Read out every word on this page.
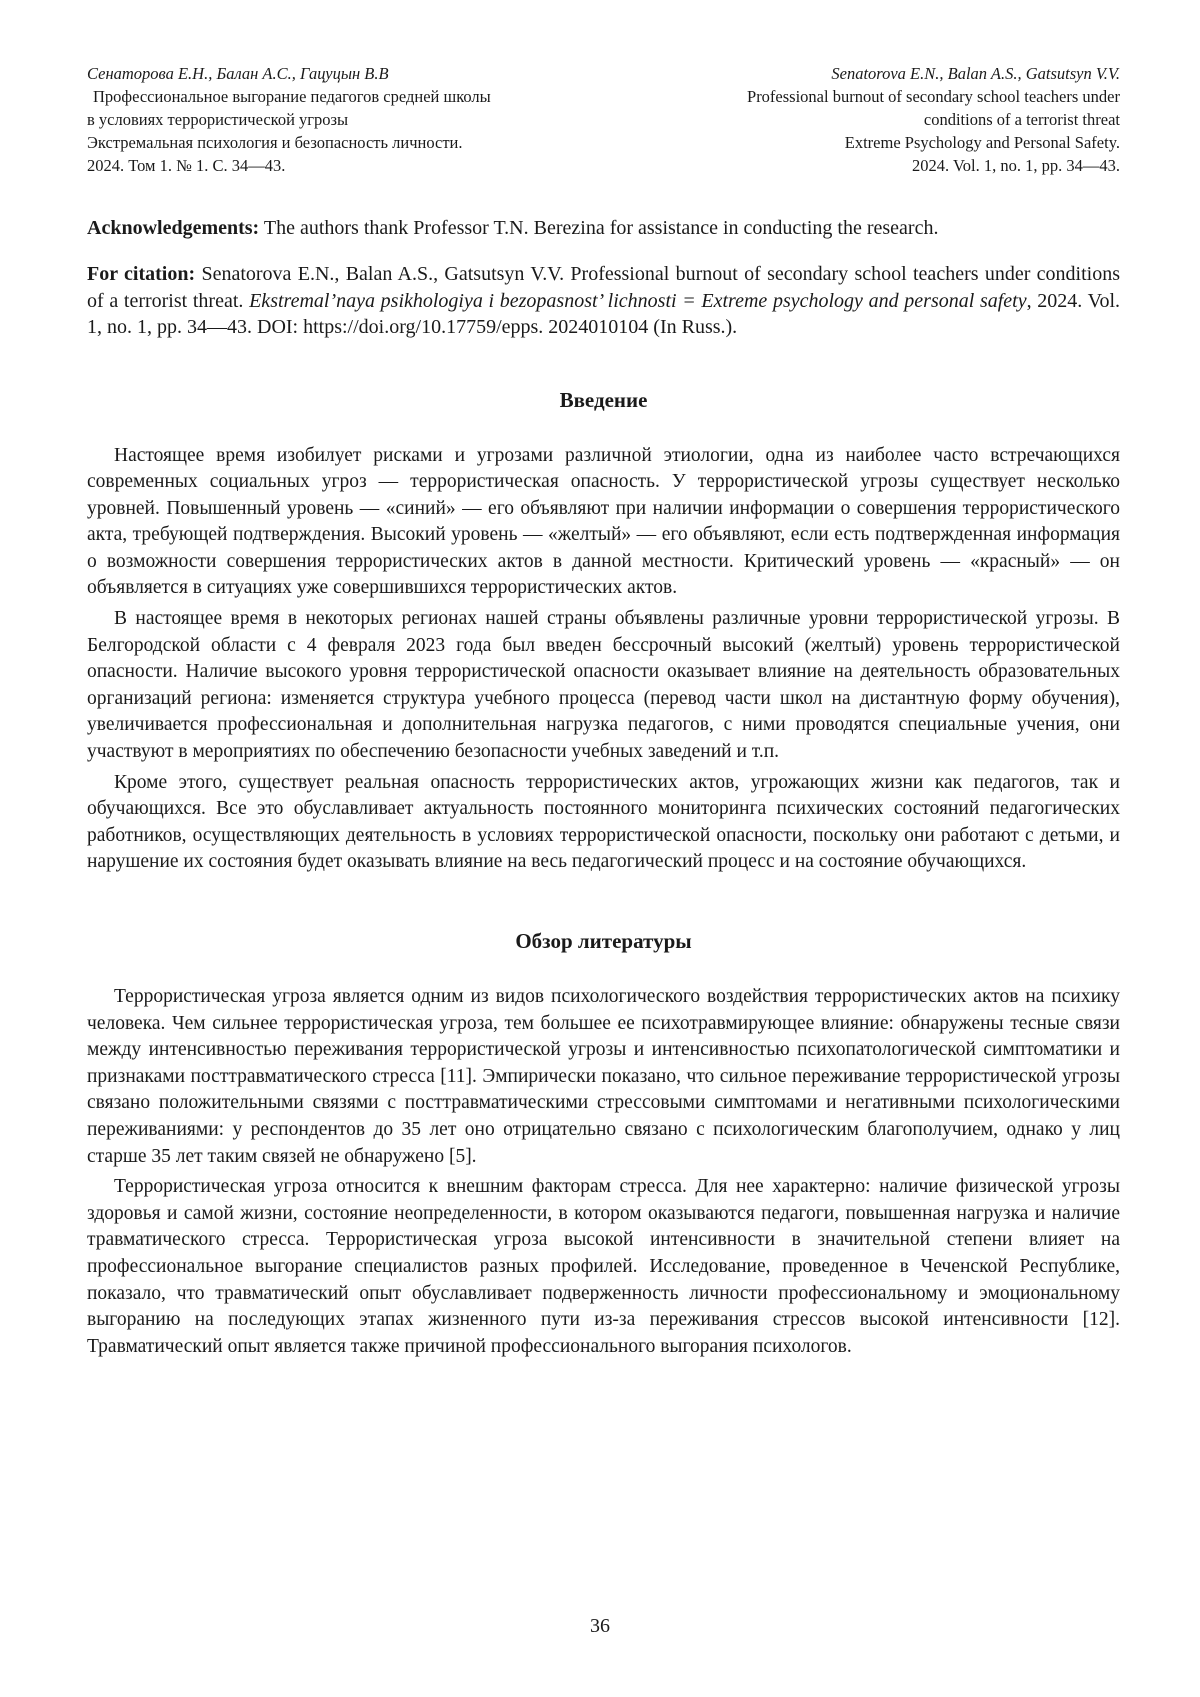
Сенаторова Е.Н., Балан А.С., Гацуцын В.В
Профессиональное выгорание педагогов средней школы
в условиях террористической угрозы
Экстремальная психология и безопасность личности.
2024. Том 1. № 1. С. 34—43.
Senatorova E.N., Balan A.S., Gatsutsyn V.V.
Professional burnout of secondary school teachers under
conditions of a terrorist threat
Extreme Psychology and Personal Safety.
2024. Vol. 1, no. 1, pp. 34—43.
Acknowledgements: The authors thank Professor T.N. Berezina for assistance in conducting the research.
For citation: Senatorova E.N., Balan A.S., Gatsutsyn V.V. Professional burnout of secondary school teachers under conditions of a terrorist threat. Ekstremal’naya psikhologiya i bezopasnost’ lichnosti = Extreme psychology and personal safety, 2024. Vol. 1, no. 1, pp. 34—43. DOI: https://doi.org/10.17759/epps. 2024010104 (In Russ.).
Введение

Настоящее время изобилует рисками и угрозами различной этиологии, одна из наиболее часто встречающихся современных социальных угроз — террористическая опасность. У террористической угрозы существует несколько уровней. Повышенный уровень — «синий» — его объявляют при наличии информации о совершения террористического акта, требующей подтверждения. Высокий уровень — «желтый» — его объявляют, если есть подтвержденная информация о возможности совершения террористических актов в данной местности. Критический уровень — «красный» — он объявляется в ситуациях уже совершившихся террористических актов.

В настоящее время в некоторых регионах нашей страны объявлены различные уровни террористической угрозы. В Белгородской области с 4 февраля 2023 года был введен бессрочный высокий (желтый) уровень террористической опасности. Наличие высокого уровня террористической опасности оказывает влияние на деятельность образовательных организаций региона: изменяется структура учебного процесса (перевод части школ на дистантную форму обучения), увеличивается профессиональная и дополнительная нагрузка педагогов, с ними проводятся специальные учения, они участвуют в мероприятиях по обеспечению безопасности учебных заведений и т.п.

Кроме этого, существует реальная опасность террористических актов, угрожающих жизни как педагогов, так и обучающихся. Все это обуславливает актуальность постоянного мониторинга психических состояний педагогических работников, осуществляющих деятельность в условиях террористической опасности, поскольку они работают с детьми, и нарушение их состояния будет оказывать влияние на весь педагогический процесс и на состояние обучающихся.

Обзор литературы

Террористическая угроза является одним из видов психологического воздействия террористических актов на психику человека. Чем сильнее террористическая угроза, тем большее ее психотравмирующее влияние: обнаружены тесные связи между интенсивностью переживания террористической угрозы и интенсивностью психопатологической симптоматики и признаками посттравматического стресса [11]. Эмпирически показано, что сильное переживание террористической угрозы связано положительными связями с посттравматическими стрессовыми симптомами и негативными психологическими переживаниями: у респондентов до 35 лет оно отрицательно связано с психологическим благополучием, однако у лиц старше 35 лет таким связей не обнаружено [5].

Террористическая угроза относится к внешним факторам стресса. Для нее характерно: наличие физической угрозы здоровья и самой жизни, состояние неопределенности, в котором оказываются педагоги, повышенная нагрузка и наличие травматического стресса. Террористическая угроза высокой интенсивности в значительной степени влияет на профессиональное выгорание специалистов разных профилей. Исследование, проведенное в Чеченской Республике, показало, что травматический опыт обуславливает подверженность личности профессиональному и эмоциональному выгоранию на последующих этапах жизненного пути из-за переживания стрессов высокой интенсивности [12]. Травматический опыт является также причиной профессионального выгорания психологов.

36
